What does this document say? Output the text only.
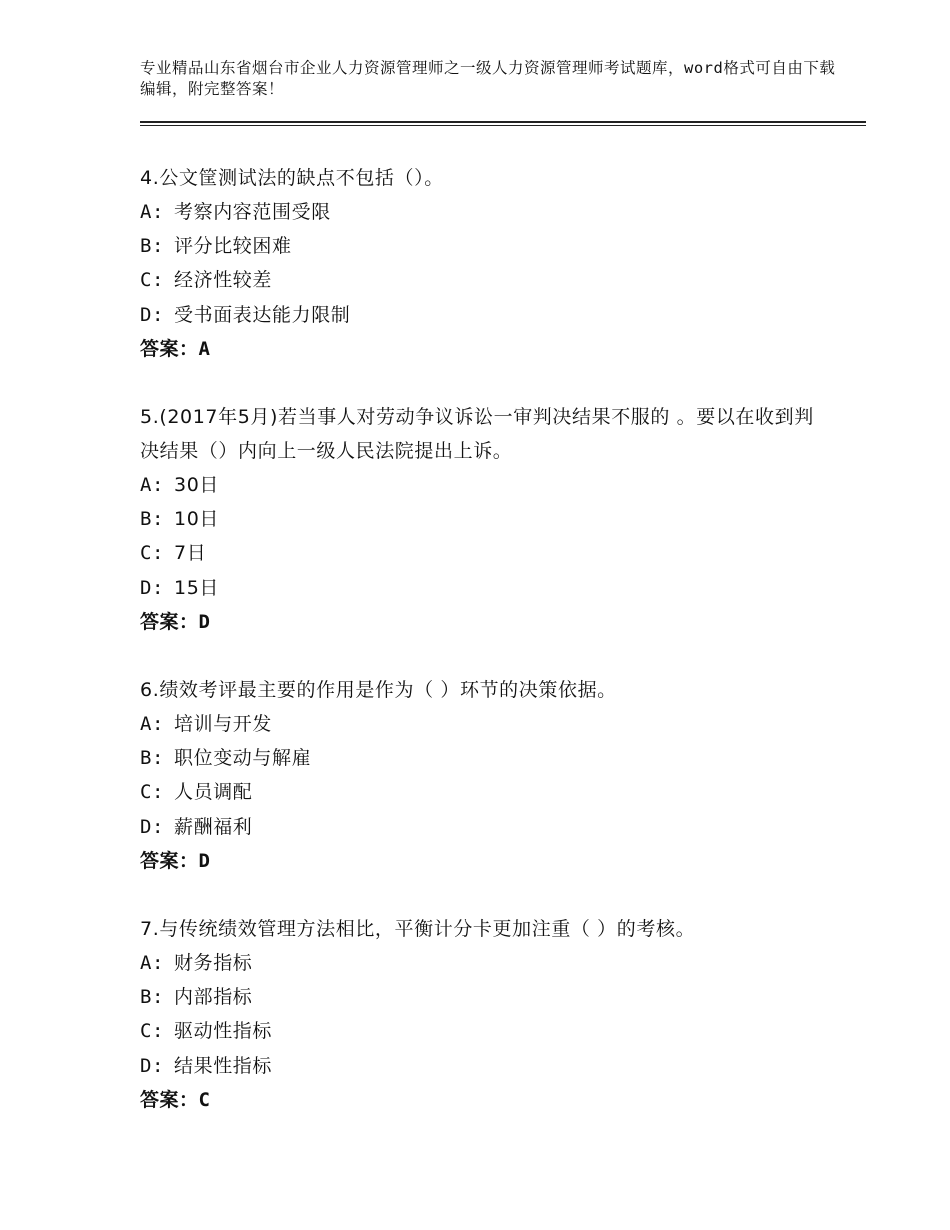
专业精品山东省烟台市企业人力资源管理师之一级人力资源管理师考试题库，word格式可自由下载编辑，附完整答案！

4.公文筐测试法的缺点不包括（）。

A: 考察内容范围受限
B: 评分比较困难
C: 经济性较差
D: 受书面表达能力限制
答案：A

5.(2017年5月)若当事人对劳动争议诉讼一审判决结果不服的 。要以在收到判决结果（）内向上一级人民法院提出上诉。

A: 30日
B: 10日
C: 7日
D: 15日
答案：D

6.绩效考评最主要的作用是作为（ ）环节的决策依据。

A: 培训与开发
B: 职位变动与解雇
C: 人员调配
D: 薪酬福利
答案：D

7.与传统绩效管理方法相比，平衡计分卡更加注重（ ）的考核。

A: 财务指标
B: 内部指标
C: 驱动性指标
D: 结果性指标
答案：C
